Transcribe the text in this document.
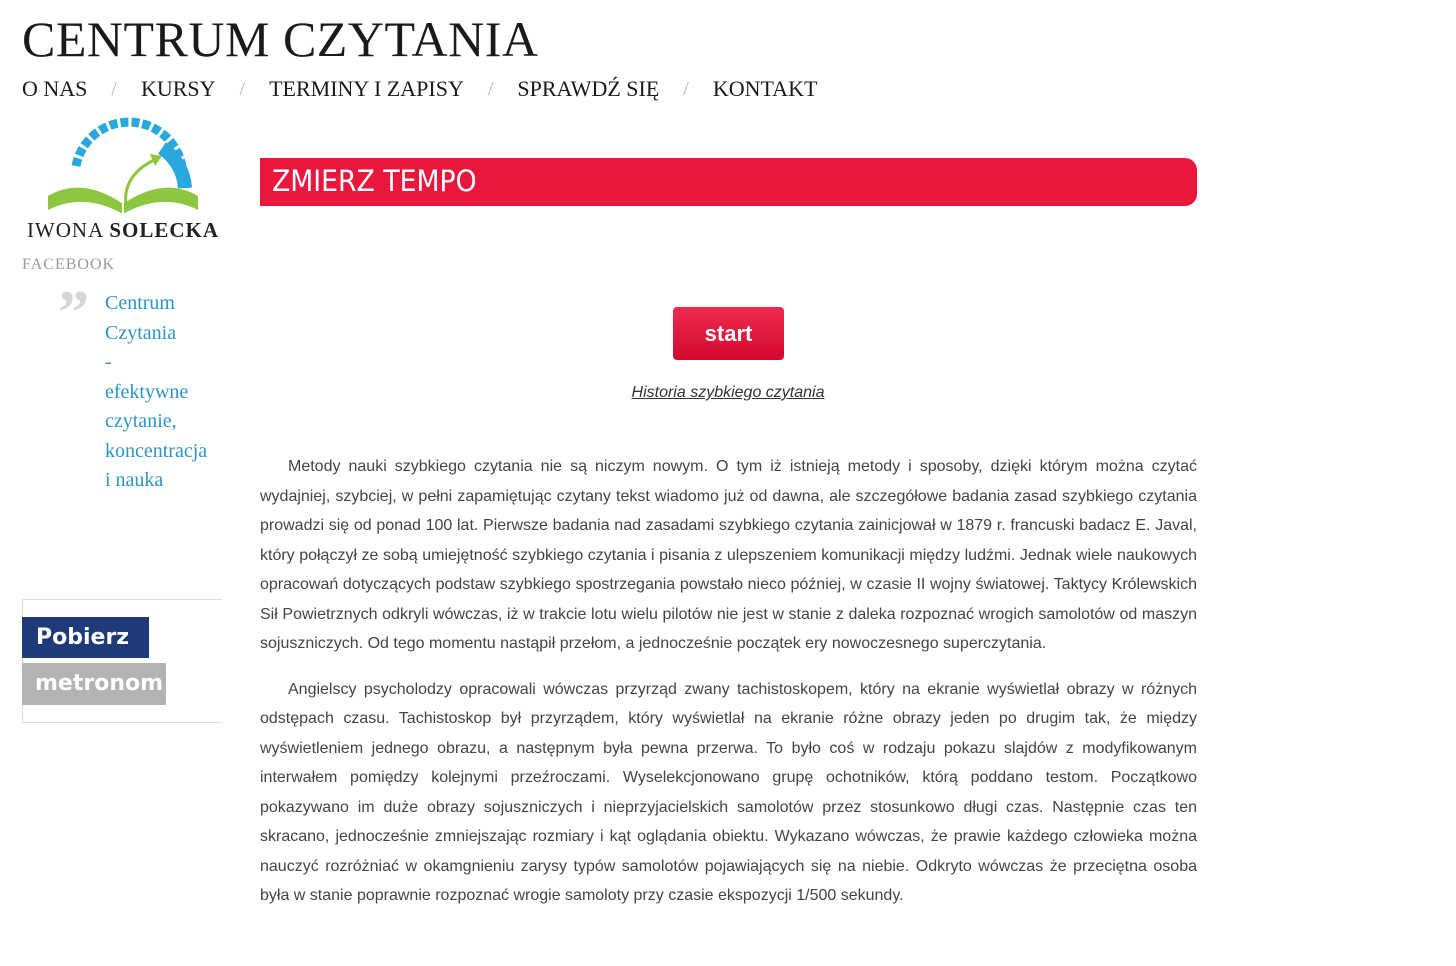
CENTRUM CZYTANIA
O NAS / KURSY / TERMINY I ZAPISY / SPRAWDŹ SIĘ / KONTAKT
IWONA SOLECKA
FACEBOOK
” Centrum
Czytania
-
efektywne
czytanie,
koncentracja
i nauka
Pobierz
metronom
ZMIERZ TEMPO
start
Historia szybkiego czytania

Metody nauki szybkiego czytania nie są niczym nowym. O tym iż istnieją metody i sposoby, dzięki którym można czytać wydajniej, szybciej, w pełni zapamiętując czytany tekst wiadomo już od dawna, ale szczegółowe badania zasad szybkiego czytania prowadzi się od ponad 100 lat. Pierwsze badania nad zasadami szybkiego czytania zainicjował w 1879 r. francuski badacz E. Javal, który połączył ze sobą umiejętność szybkiego czytania i pisania z ulepszeniem komunikacji między ludźmi. Jednak wiele naukowych opracowań dotyczących podstaw szybkiego spostrzegania powstało nieco później, w czasie II wojny światowej. Taktycy Królewskich Sił Powietrznych odkryli wówczas, iż w trakcie lotu wielu pilotów nie jest w stanie z daleka rozpoznać wrogich samolotów od maszyn sojuszniczych. Od tego momentu nastąpił przełom, a jednocześnie początek ery nowoczesnego superczytania.

Angielscy psycholodzy opracowali wówczas przyrząd zwany tachistoskopem, który na ekranie wyświetlał obrazy w różnych odstępach czasu. Tachistoskop był przyrządem, który wyświetlał na ekranie różne obrazy jeden po drugim tak, że między wyświetleniem jednego obrazu, a następnym była pewna przerwa. To było coś w rodzaju pokazu slajdów z modyfikowanym interwałem pomiędzy kolejnymi przeźroczami. Wyselekcjonowano grupę ochotników, którą poddano testom. Początkowo pokazywano im duże obrazy sojuszniczych i nieprzyjacielskich samolotów przez stosunkowo długi czas. Następnie czas ten skracano, jednocześnie zmniejszając rozmiary i kąt oglądania obiektu. Wykazano wówczas, że prawie każdego człowieka można nauczyć rozróżniać w okamgnieniu zarysy typów samolotów pojawiających się na niebie. Odkryto wówczas że przeciętna osoba była w stanie poprawnie rozpoznać wrogie samoloty przy czasie ekspozycji 1/500 sekundy.
